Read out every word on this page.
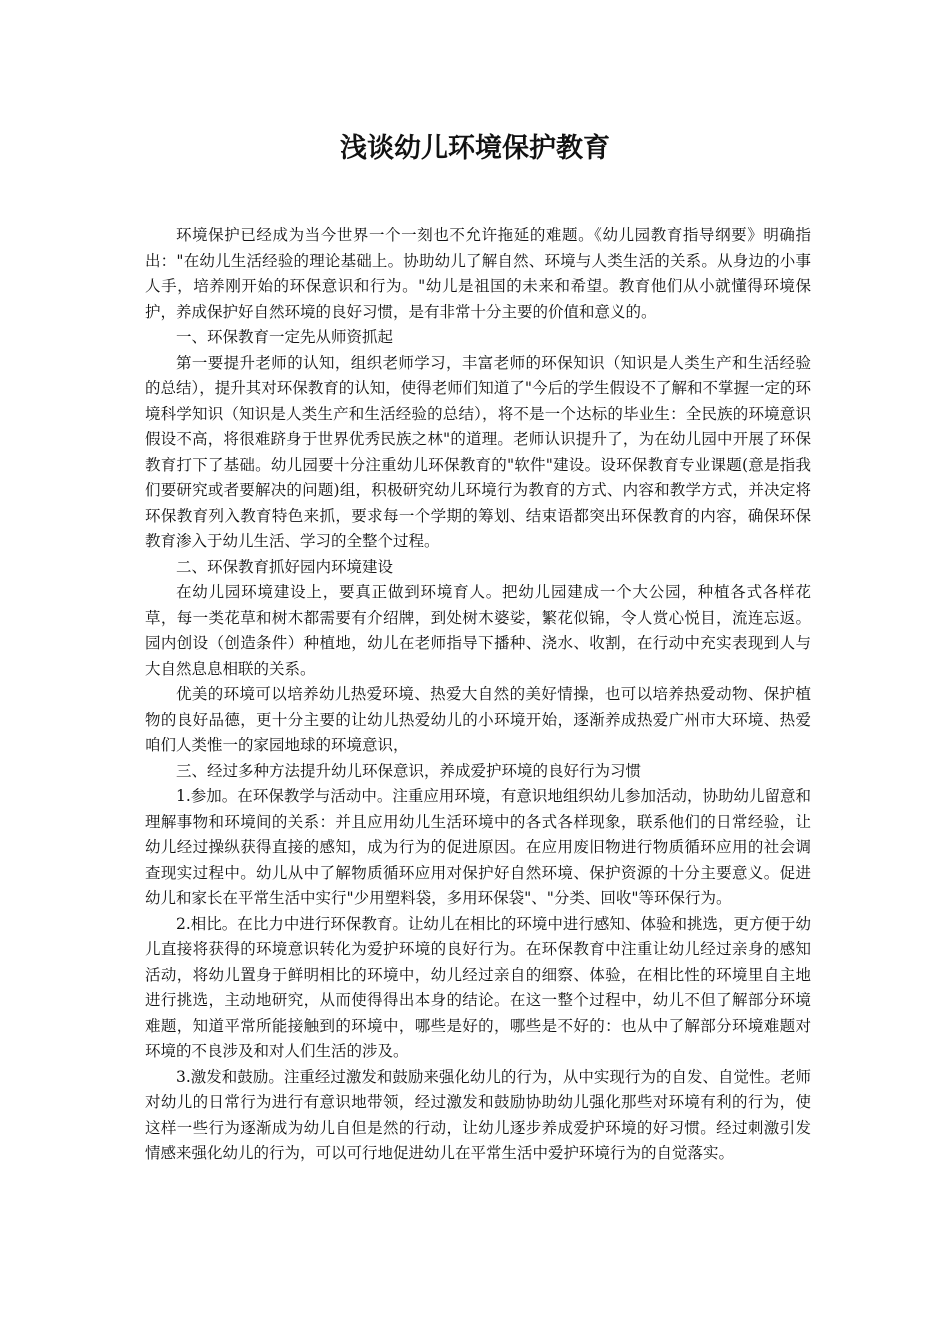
浅谈幼儿环境保护教育

环境保护已经成为当今世界一个一刻也不允许拖延的难题。《幼儿园教育指导纲要》明确指出："在幼儿生活经验的理论基础上。协助幼儿了解自然、环境与人类生活的关系。从身边的小事人手，培养刚开始的环保意识和行为。"幼儿是祖国的未来和希望。教育他们从小就懂得环境保护，养成保护好自然环境的良好习惯，是有非常十分主要的价值和意义的。

一、环保教育一定先从师资抓起

第一要提升老师的认知，组织老师学习，丰富老师的环保知识（知识是人类生产和生活经验的总结），提升其对环保教育的认知，使得老师们知道了"今后的学生假设不了解和不掌握一定的环境科学知识（知识是人类生产和生活经验的总结），将不是一个达标的毕业生：全民族的环境意识假设不高，将很难跻身于世界优秀民族之林"的道理。老师认识提升了，为在幼儿园中开展了环保教育打下了基础。幼儿园要十分注重幼儿环保教育的"软件"建设。设环保教育专业课题(意是指我们要研究或者要解决的问题)组，积极研究幼儿环境行为教育的方式、内容和教学方式，并决定将环保教育列入教育特色来抓，要求每一个学期的筹划、结束语都突出环保教育的内容，确保环保教育渗入于幼儿生活、学习的全整个过程。

二、环保教育抓好园内环境建设

在幼儿园环境建设上，要真正做到环境育人。把幼儿园建成一个大公园，种植各式各样花草，每一类花草和树木都需要有介绍牌，到处树木婆娑，繁花似锦，令人赏心悦目，流连忘返。园内创设（创造条件）种植地，幼儿在老师指导下播种、浇水、收割，在行动中充实表现到人与大自然息息相联的关系。

优美的环境可以培养幼儿热爱环境、热爱大自然的美好情操，也可以培养热爱动物、保护植物的良好品德，更十分主要的让幼儿热爱幼儿的小环境开始，逐渐养成热爱广州市大环境、热爱咱们人类惟一的家园地球的环境意识，

三、经过多种方法提升幼儿环保意识，养成爱护环境的良好行为习惯

1.参加。在环保教学与活动中。注重应用环境，有意识地组织幼儿参加活动，协助幼儿留意和理解事物和环境间的关系：并且应用幼儿生活环境中的各式各样现象，联系他们的日常经验，让幼儿经过操纵获得直接的感知，成为行为的促进原因。在应用废旧物进行物质循环应用的社会调查现实过程中。幼儿从中了解物质循环应用对保护好自然环境、保护资源的十分主要意义。促进幼儿和家长在平常生活中实行"少用塑料袋，多用环保袋"、"分类、回收"等环保行为。

2.相比。在比力中进行环保教育。让幼儿在相比的环境中进行感知、体验和挑选，更方便于幼儿直接将获得的环境意识转化为爱护环境的良好行为。在环保教育中注重让幼儿经过亲身的感知活动，将幼儿置身于鲜明相比的环境中，幼儿经过亲自的细察、体验，在相比性的环境里自主地进行挑选，主动地研究，从而使得得出本身的结论。在这一整个过程中，幼儿不但了解部分环境难题，知道平常所能接触到的环境中，哪些是好的，哪些是不好的：也从中了解部分环境难题对环境的不良涉及和对人们生活的涉及。

3.激发和鼓励。注重经过激发和鼓励来强化幼儿的行为，从中实现行为的自发、自觉性。老师对幼儿的日常行为进行有意识地带领，经过激发和鼓励协助幼儿强化那些对环境有利的行为，使这样一些行为逐渐成为幼儿自但是然的行动，让幼儿逐步养成爱护环境的好习惯。经过刺激引发情感来强化幼儿的行为，可以可行地促进幼儿在平常生活中爱护环境行为的自觉落实。
